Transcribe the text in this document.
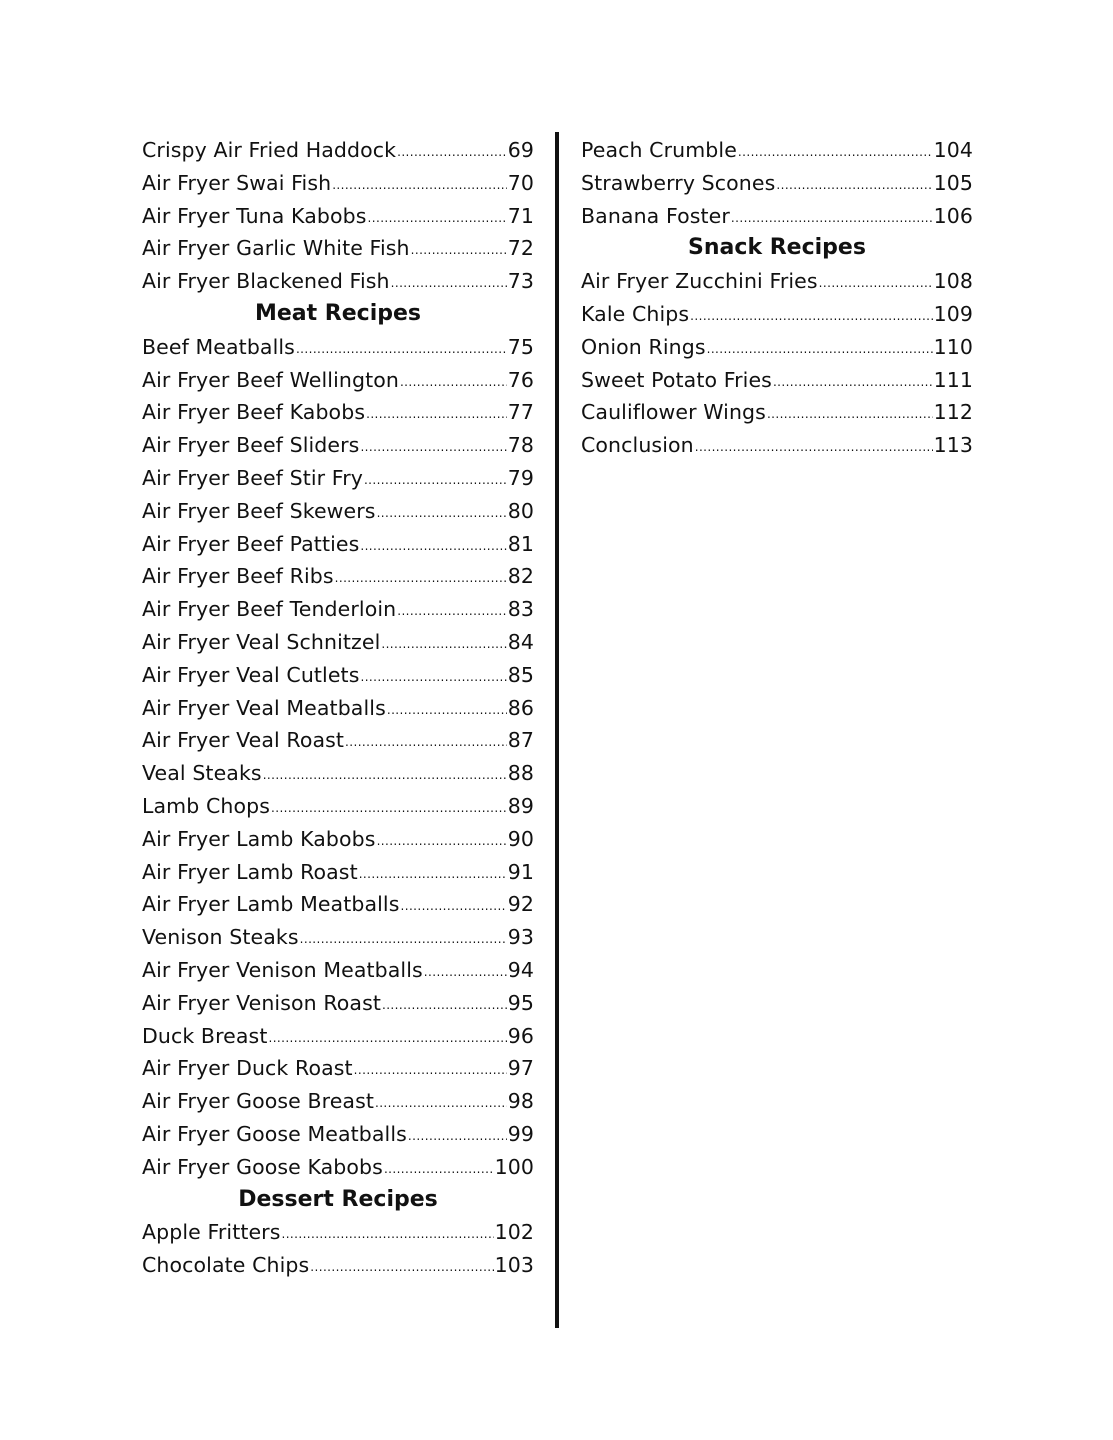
Crispy Air Fried Haddock .....	69
Air Fryer Swai Fish .....	70
Air Fryer Tuna Kabobs .....	71
Air Fryer Garlic White Fish .....	72
Air Fryer Blackened Fish .....	73
Meat Recipes
Beef Meatballs .....	75
Air Fryer Beef Wellington .....	76
Air Fryer Beef Kabobs .....	77
Air Fryer Beef Sliders .....	78
Air Fryer Beef Stir Fry .....	79
Air Fryer Beef Skewers .....	80
Air Fryer Beef Patties .....	81
Air Fryer Beef Ribs .....	82
Air Fryer Beef Tenderloin .....	83
Air Fryer Veal Schnitzel .....	84
Air Fryer Veal Cutlets .....	85
Air Fryer Veal Meatballs .....	86
Air Fryer Veal Roast .....	87
Veal Steaks .....	88
Lamb Chops .....	89
Air Fryer Lamb Kabobs .....	90
Air Fryer Lamb Roast .....	91
Air Fryer Lamb Meatballs .....	92
Venison Steaks .....	93
Air Fryer Venison Meatballs .....	94
Air Fryer Venison Roast .....	95
Duck Breast .....	96
Air Fryer Duck Roast .....	97
Air Fryer Goose Breast .....	98
Air Fryer Goose Meatballs .....	99
Air Fryer Goose Kabobs .....	100
Dessert Recipes
Apple Fritters .....	102
Chocolate Chips .....	103
Peach Crumble .....	104
Strawberry Scones .....	105
Banana Foster .....	106
Snack Recipes
Air Fryer Zucchini Fries .....	108
Kale Chips .....	109
Onion Rings .....	110
Sweet Potato Fries .....	111
Cauliflower Wings .....	112
Conclusion .....	113
